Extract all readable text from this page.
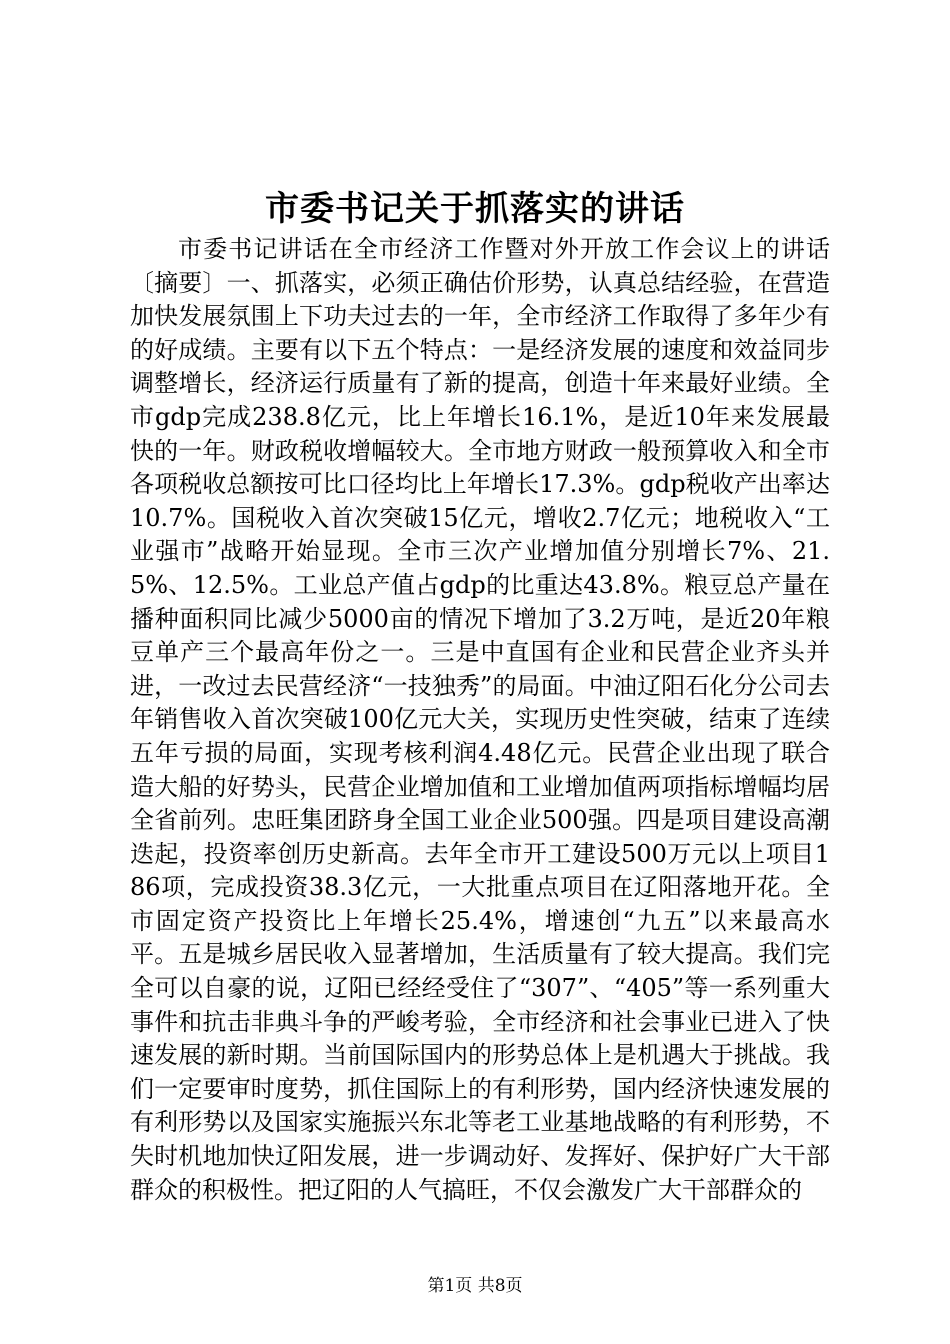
市委书记关于抓落实的讲话

市委书记讲话在全市经济工作暨对外开放工作会议上的讲话〔摘要〕一、抓落实，必须正确估价形势，认真总结经验，在营造加快发展氛围上下功夫过去的一年，全市经济工作取得了多年少有的好成绩。主要有以下五个特点：一是经济发展的速度和效益同步调整增长，经济运行质量有了新的提高，创造十年来最好业绩。全市gdp完成238.8亿元，比上年增长16.1%，是近10年来发展最快的一年。财政税收增幅较大。全市地方财政一般预算收入和全市各项税收总额按可比口径均比上年增长17.3%。gdp税收产出率达10.7%。国税收入首次突破15亿元，增收2.7亿元；地税收入“工业强市”战略开始显现。全市三次产业增加值分别增长7%、21.5%、12.5%。工业总产值占gdp的比重达43.8%。粮豆总产量在播种面积同比减少5000亩的情况下增加了3.2万吨，是近20年粮豆单产三个最高年份之一。三是中直国有企业和民营企业齐头并进，一改过去民营经济“一技独秀”的局面。中油辽阳石化分公司去年销售收入首次突破100亿元大关，实现历史性突破，结束了连续五年亏损的局面，实现考核利润4.48亿元。民营企业出现了联合造大船的好势头，民营企业增加值和工业增加值两项指标增幅均居全省前列。忠旺集团跻身全国工业企业500强。四是项目建设高潮迭起，投资率创历史新高。去年全市开工建设500万元以上项目186项，完成投资38.3亿元，一大批重点项目在辽阳落地开花。全市固定资产投资比上年增长25.4%，增速创“九五”以来最高水平。五是城乡居民收入显著增加，生活质量有了较大提高。我们完全可以自豪的说，辽阳已经经受住了“307”、“405”等一系列重大事件和抗击非典斗争的严峻考验，全市经济和社会事业已进入了快速发展的新时期。当前国际国内的形势总体上是机遇大于挑战。我们一定要审时度势，抓住国际上的有利形势，国内经济快速发展的有利形势以及国家实施振兴东北等老工业基地战略的有利形势，不失时机地加快辽阳发展，进一步调动好、发挥好、保护好广大干部群众的积极性。把辽阳的人气搞旺，不仅会激发广大干部群众的

第1页 共8页
